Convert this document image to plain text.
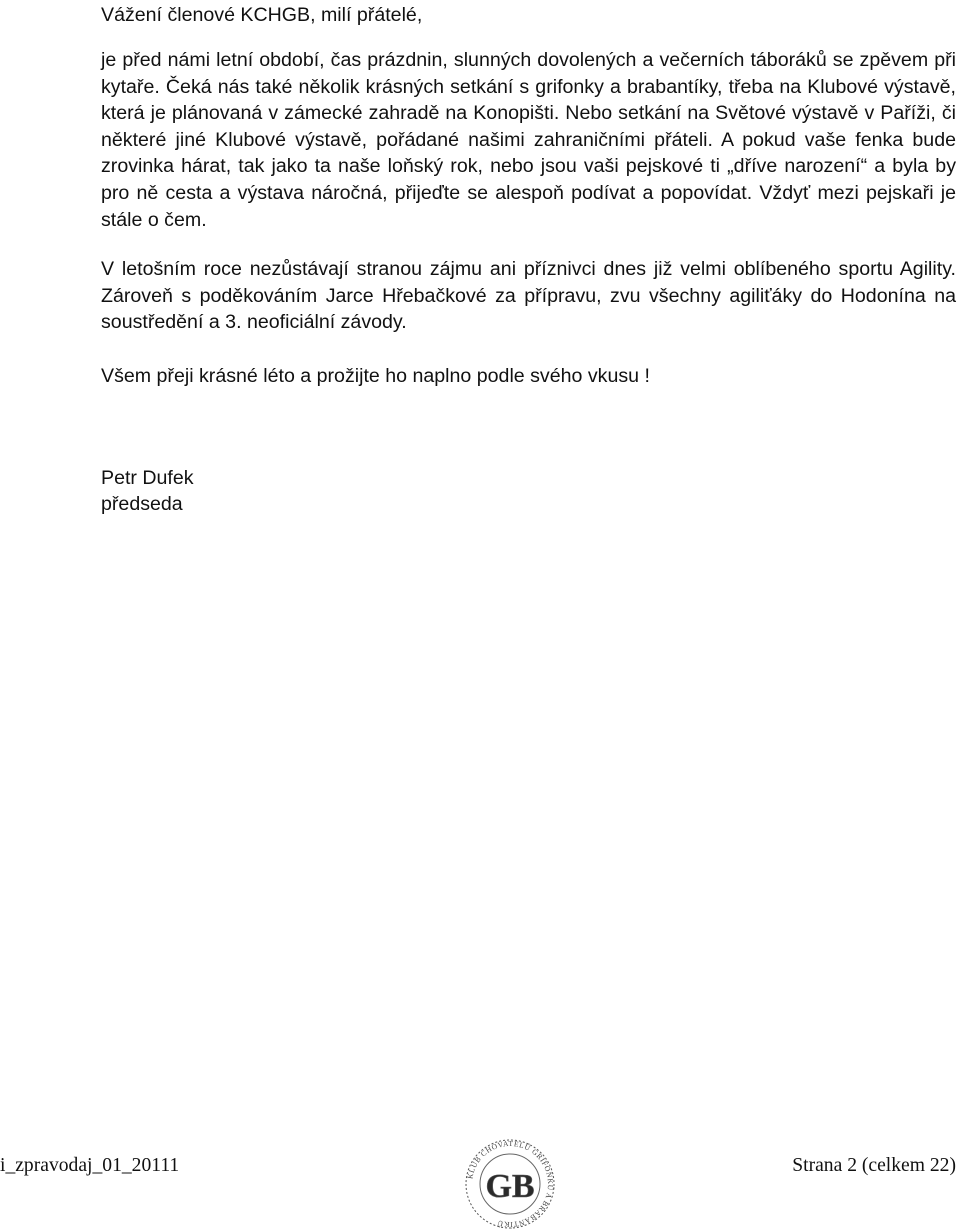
Vážení členové KCHGB, milí přátelé,

je před námi letní období, čas prázdnin, slunných dovolených a večerních táboráků se zpěvem při kytaře. Čeká nás také několik krásných setkání s grifonky a brabantíky, třeba na Klubové výstavě, která je plánovaná v zámecké zahradě na Konopišti. Nebo setkání na Světové výstavě v Paříži, či některé jiné Klubové výstavě, pořádané našimi zahraničními přáteli. A pokud vaše fenka bude zrovinka hárat, tak jako ta naše loňský rok, nebo jsou vaši pejskové ti „dříve narození“ a byla by pro ně cesta a výstava náročná, přijeďte se alespoň podívat a popovídat. Vždyť mezi pejskaři je stále o čem.

V letošním roce nezůstávají stranou zájmu ani příznivci dnes již velmi oblíbeného sportu Agility. Zároveň s poděkováním Jarce Hřebačkové za přípravu, zvu všechny agiliťáky do Hodonína na soustředění a 3. neoficiální závody.

Všem přeji krásné léto a prožijte ho naplno podle svého vkusu !

Petr Dufek
předseda
i_zpravodaj_01_20111	KLUB CHOVATELŮ GRIFONKŮ A BRABANTÍKŮ
GB
Strana 2 (celkem 22)
